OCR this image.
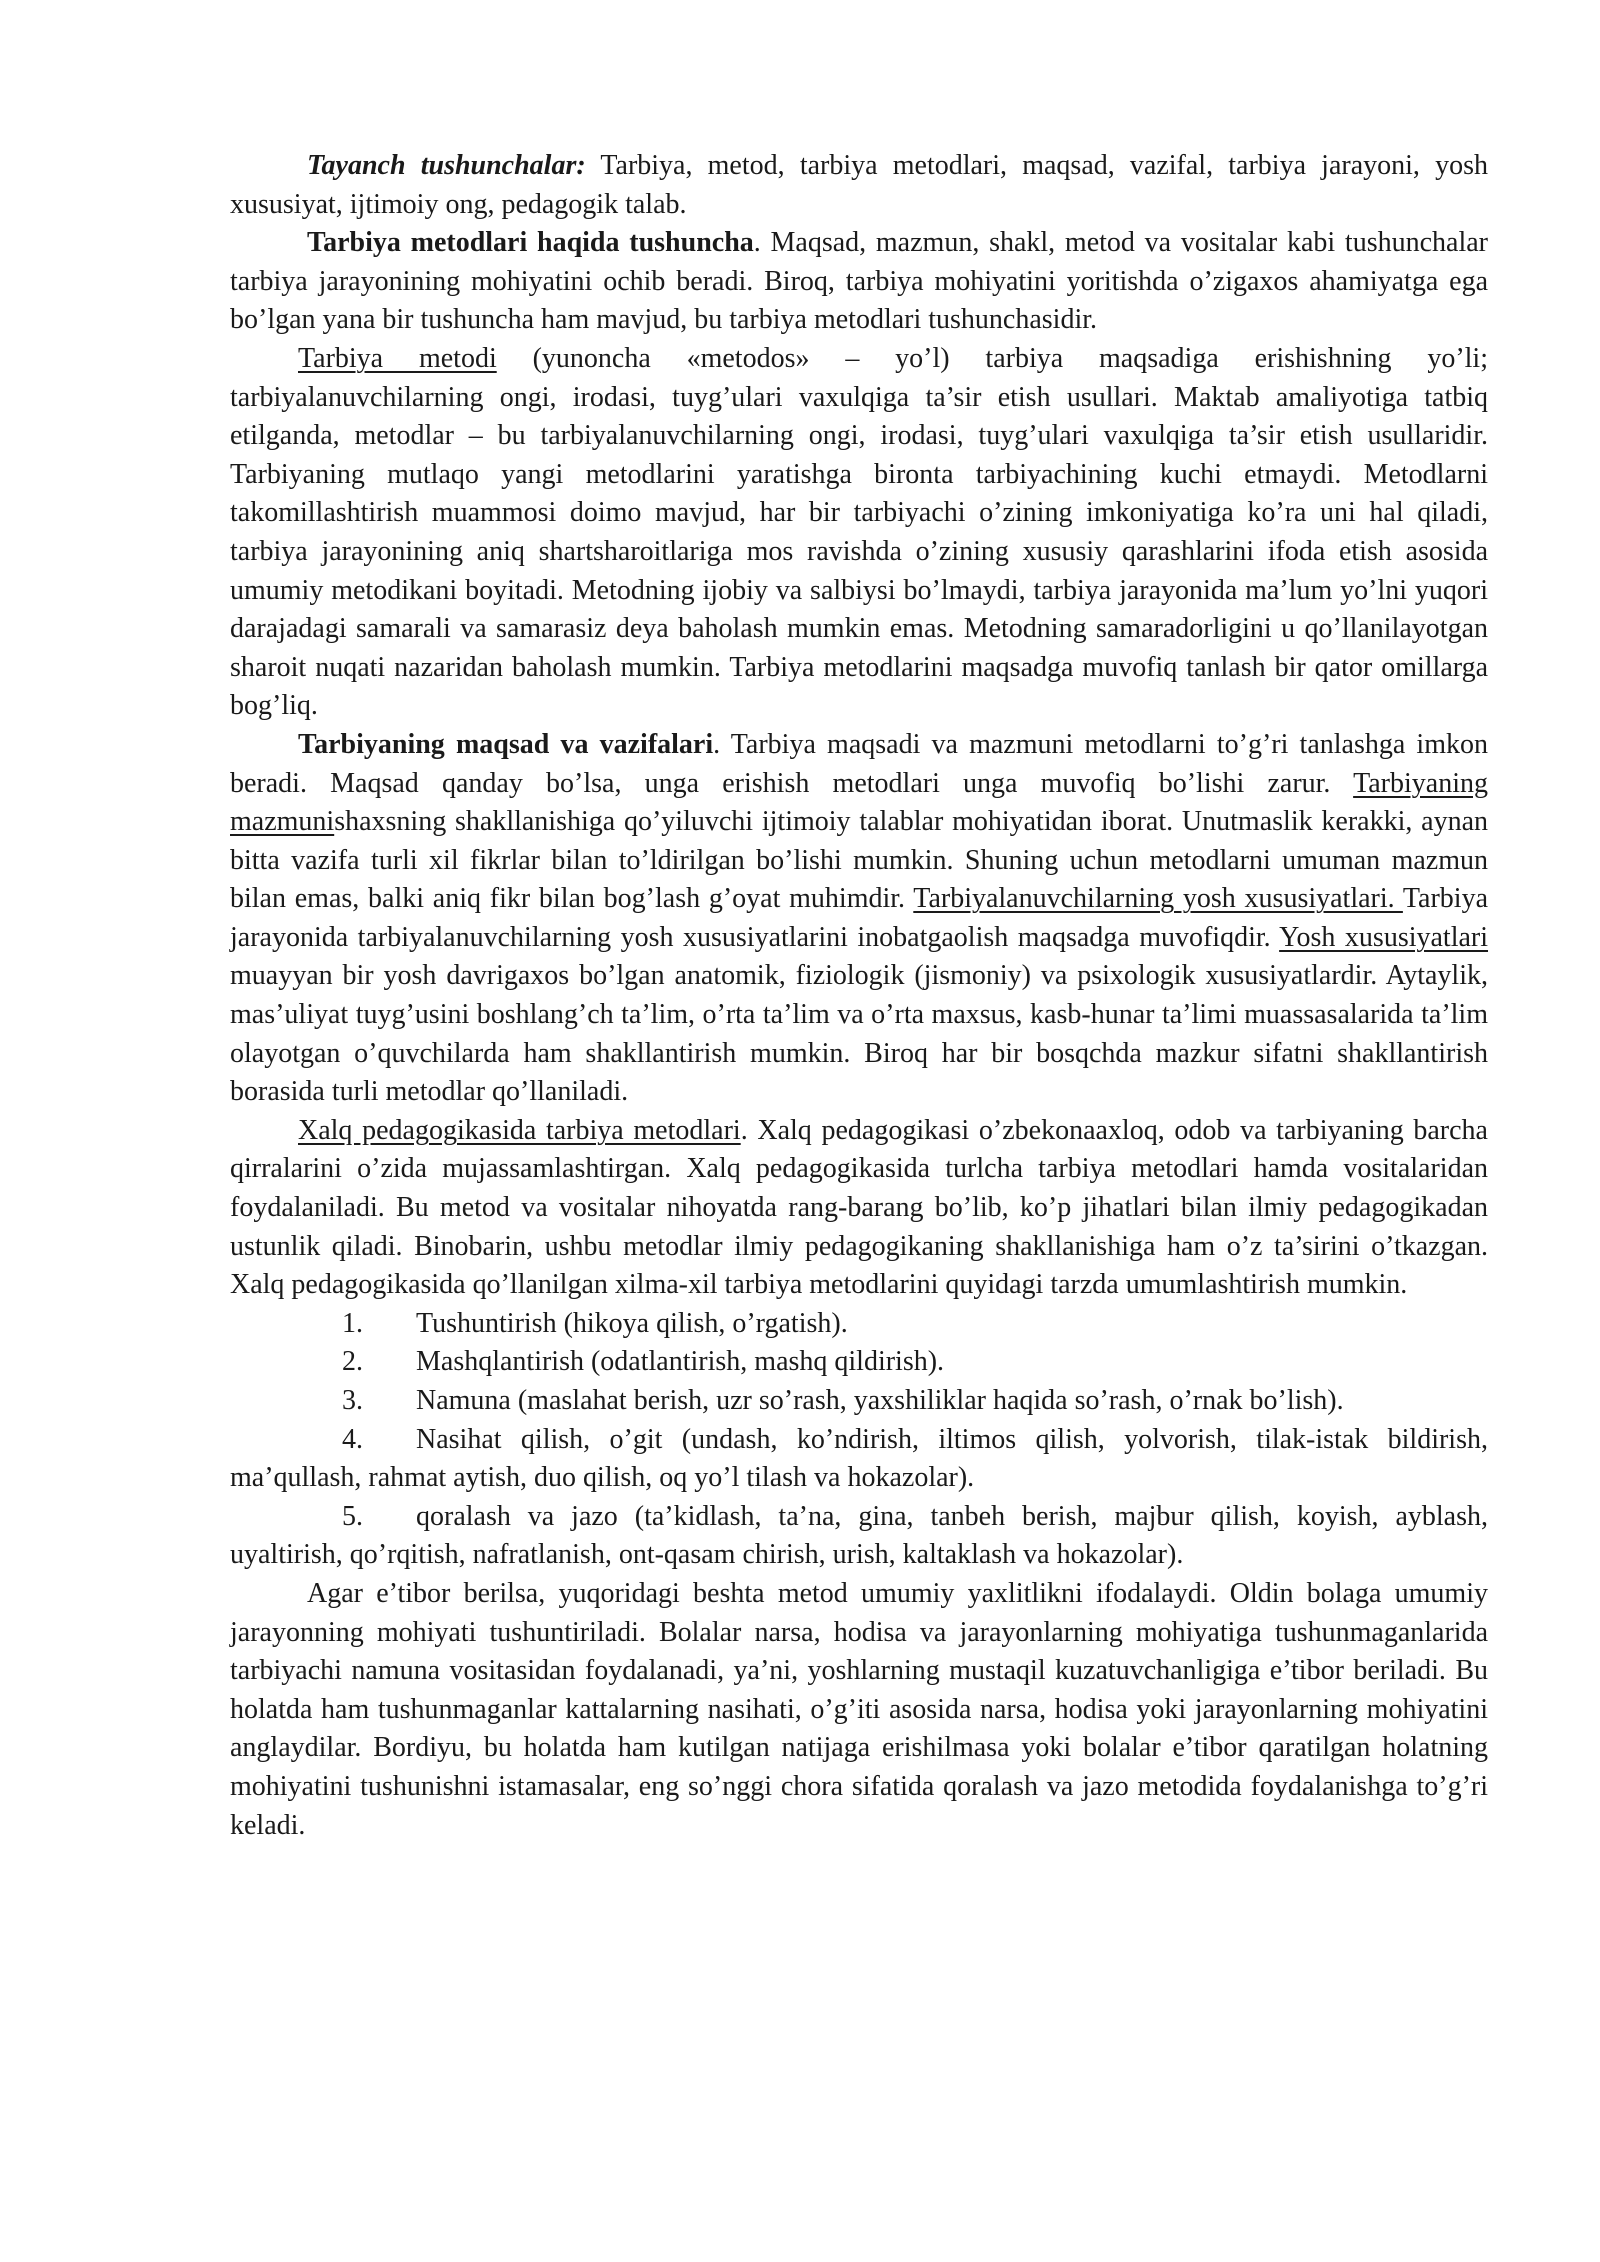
Tayanch tushunchalar: Tarbiya, metod, tarbiya metodlari, maqsad, vazifal, tarbiya jarayoni, yosh xususiyat, ijtimoiy ong, pedagogik talab.

Tarbiya metodlari haqida tushuncha. Maqsad, mazmun, shakl, metod va vositalar kabi tushunchalar tarbiya jarayonining mohiyatini ochib beradi. Biroq, tarbiya mohiyatini yoritishda o’zigaxos ahamiyatga ega bo’lgan yana bir tushuncha ham mavjud, bu tarbiya metodlari tushunchasidir.

Tarbiya metodi (yunoncha «metodos» – yo’l) tarbiya maqsadiga erishishning yo’li; tarbiyalanuvchilarning ongi, irodasi, tuyg’ulari vaxulqiga ta’sir etish usullari. Maktab amaliyotiga tatbiq etilganda, metodlar – bu tarbiyalanuvchilarning ongi, irodasi, tuyg’ulari vaxulqiga ta’sir etish usullaridir. Tarbiyaning mutlaqo yangi metodlarini yaratishga bironta tarbiyachining kuchi etmaydi. Metodlarni takomillashtirish muammosi doimo mavjud, har bir tarbiyachi o’zining imkoniyatiga ko’ra uni hal qiladi, tarbiya jarayonining aniq shartsharoitlariga mos ravishda o’zining xususiy qarashlarini ifoda etish asosida umumiy metodikani boyitadi. Metodning ijobiy va salbiysi bo’lmaydi, tarbiya jarayonida ma’lum yo’lni yuqori darajadagi samarali va samarasiz deya baholash mumkin emas. Metodning samaradorligini u qo’llanilayotgan sharoit nuqati nazaridan baholash mumkin. Tarbiya metodlarini maqsadga muvofiq tanlash bir qator omillarga bog’liq.

Tarbiyaning maqsad va vazifalari. Tarbiya maqsadi va mazmuni metodlarni to’g’ri tanlashga imkon beradi. Maqsad qanday bo’lsa, unga erishish metodlari unga muvofiq bo’lishi zarur. Tarbiyaning mazmunishaxsning shakllanishiga qo’yiluvchi ijtimoiy talablar mohiyatidan iborat. Unutmaslik kerakki, aynan bitta vazifa turli xil fikrlar bilan to’ldirilgan bo’lishi mumkin. Shuning uchun metodlarni umuman mazmun bilan emas, balki aniq fikr bilan bog’lash g’oyat muhimdir. Tarbiyalanuvchilarning yosh xususiyatlari. Tarbiya jarayonida tarbiyalanuvchilarning yosh xususiyatlarini inobatgaolish maqsadga muvofiqdir. Yosh xususiyatlari muayyan bir yosh davrigaxos bo’lgan anatomik, fiziologik (jismoniy) va psixologik xususiyatlardir. Aytaylik, mas’uliyat tuyg’usini boshlang’ch ta’lim, o’rta ta’lim va o’rta maxsus, kasb-hunar ta’limi muassasalarida ta’lim olayotgan o’quvchilarda ham shakllantirish mumkin. Biroq har bir bosqchda mazkur sifatni shakllantirish borasida turli metodlar qo’llaniladi.

Xalq pedagogikasida tarbiya metodlari. Xalq pedagogikasi o’zbekonaaxloq, odob va tarbiyaning barcha qirralarini o’zida mujassamlashtirgan. Xalq pedagogikasida turlcha tarbiya metodlari hamda vositalaridan foydalaniladi. Bu metod va vositalar nihoyatda rang-barang bo’lib, ko’p jihatlari bilan ilmiy pedagogikadan ustunlik qiladi. Binobarin, ushbu metodlar ilmiy pedagogikaning shakllanishiga ham o’z ta’sirini o’tkazgan. Xalq pedagogikasida qo’llanilgan xilma-xil tarbiya metodlarini quyidagi tarzda umumlashtirish mumkin.

1. Tushuntirish (hikoya qilish, o’rgatish).

2. Mashqlantirish (odatlantirish, mashq qildirish).

3. Namuna (maslahat berish, uzr so’rash, yaxshiliklar haqida so’rash, o’rnak bo’lish).

4. Nasihat qilish, o’git (undash, ko’ndirish, iltimos qilish, yolvorish, tilak-istak bildirish, ma’qullash, rahmat aytish, duo qilish, oq yo’l tilash va hokazolar).

5. qoralash va jazo (ta’kidlash, ta’na, gina, tanbeh berish, majbur qilish, koyish, ayblash, uyaltirish, qo’rqitish, nafratlanish, ont-qasam chirish, urish, kaltaklash va hokazolar).

Agar e’tibor berilsa, yuqoridagi beshta metod umumiy yaxlitlikni ifodalaydi. Oldin bolaga umumiy jarayonning mohiyati tushuntiriladi. Bolalar narsa, hodisa va jarayonlarning mohiyatiga tushunmaganlarida tarbiyachi namuna vositasidan foydalanadi, ya’ni, yoshlarning mustaqil kuzatuvchanligiga e’tibor beriladi. Bu holatda ham tushunmaganlar kattalarning nasihati, o’g’iti asosida narsa, hodisa yoki jarayonlarning mohiyatini anglaydilar. Bordiyu, bu holatda ham kutilgan natijaga erishilmasa yoki bolalar e’tibor qaratilgan holatning mohiyatini tushunishni istamasalar, eng so’nggi chora sifatida qoralash va jazo metodida foydalanishga to’g’ri keladi.
